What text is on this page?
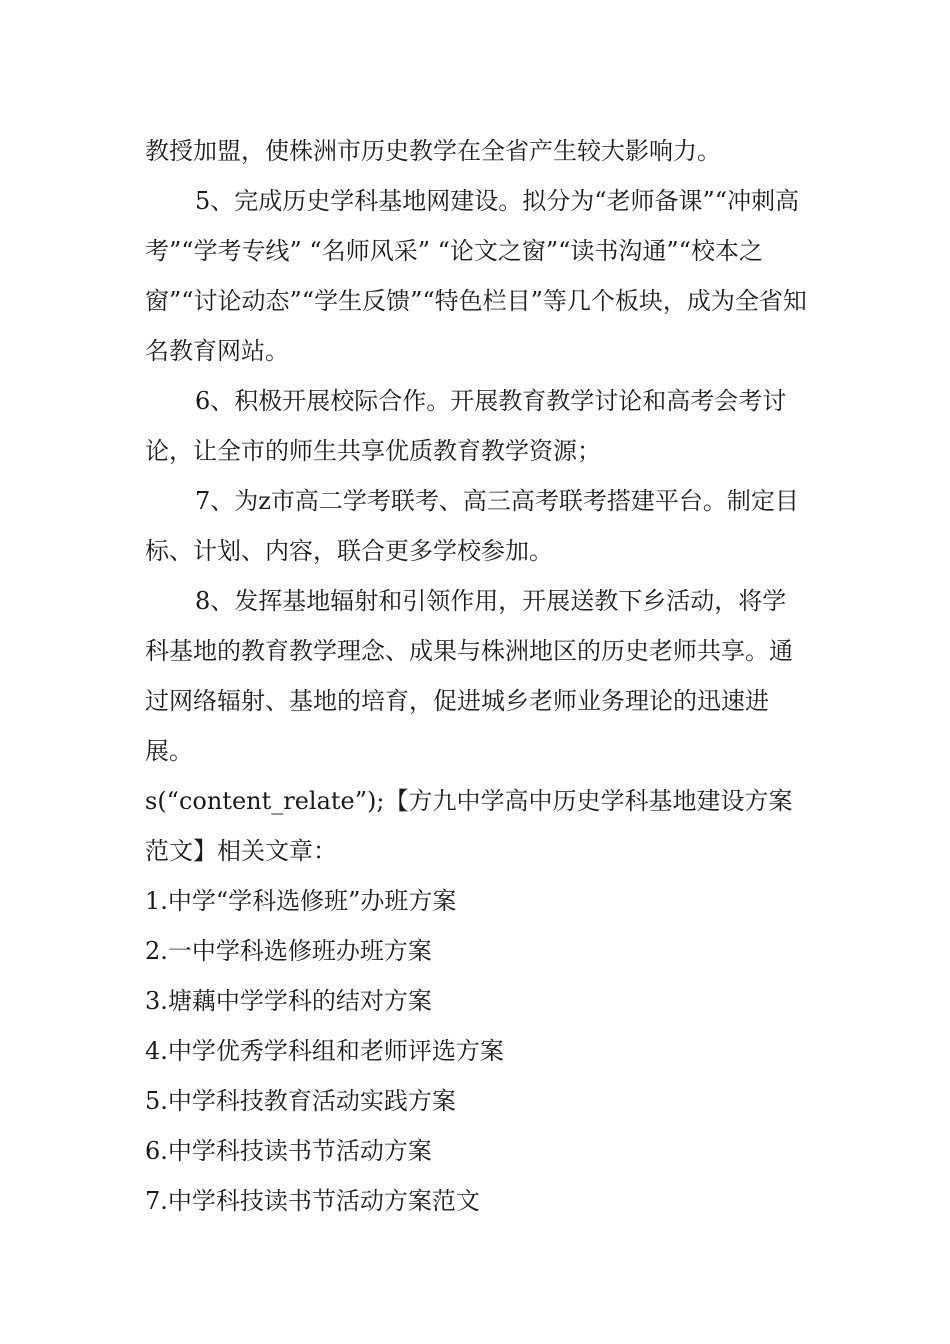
教授加盟，使株洲市历史教学在全省产生较大影响力。

5、完成历史学科基地网建设。拟分为“老师备课”“冲刺高考”“学考专线” “名师风采” “论文之窗”“读书沟通”“校本之窗”“讨论动态”“学生反馈”“特色栏目”等几个板块，成为全省知名教育网站。

6、积极开展校际合作。开展教育教学讨论和高考会考讨论，让全市的师生共享优质教育教学资源；

7、为z市高二学考联考、高三高考联考搭建平台。制定目标、计划、内容，联合更多学校参加。

8、发挥基地辐射和引领作用，开展送教下乡活动，将学科基地的教育教学理念、成果与株洲地区的历史老师共享。通过网络辐射、基地的培育，促进城乡老师业务理论的迅速进展。

s(“content_relate”);【方九中学高中历史学科基地建设方案范文】相关文章：

1.中学“学科选修班”办班方案

2.一中学科选修班办班方案

3.塘藕中学学科的结对方案

4.中学优秀学科组和老师评选方案

5.中学科技教育活动实践方案

6.中学科技读书节活动方案

7.中学科技读书节活动方案范文
